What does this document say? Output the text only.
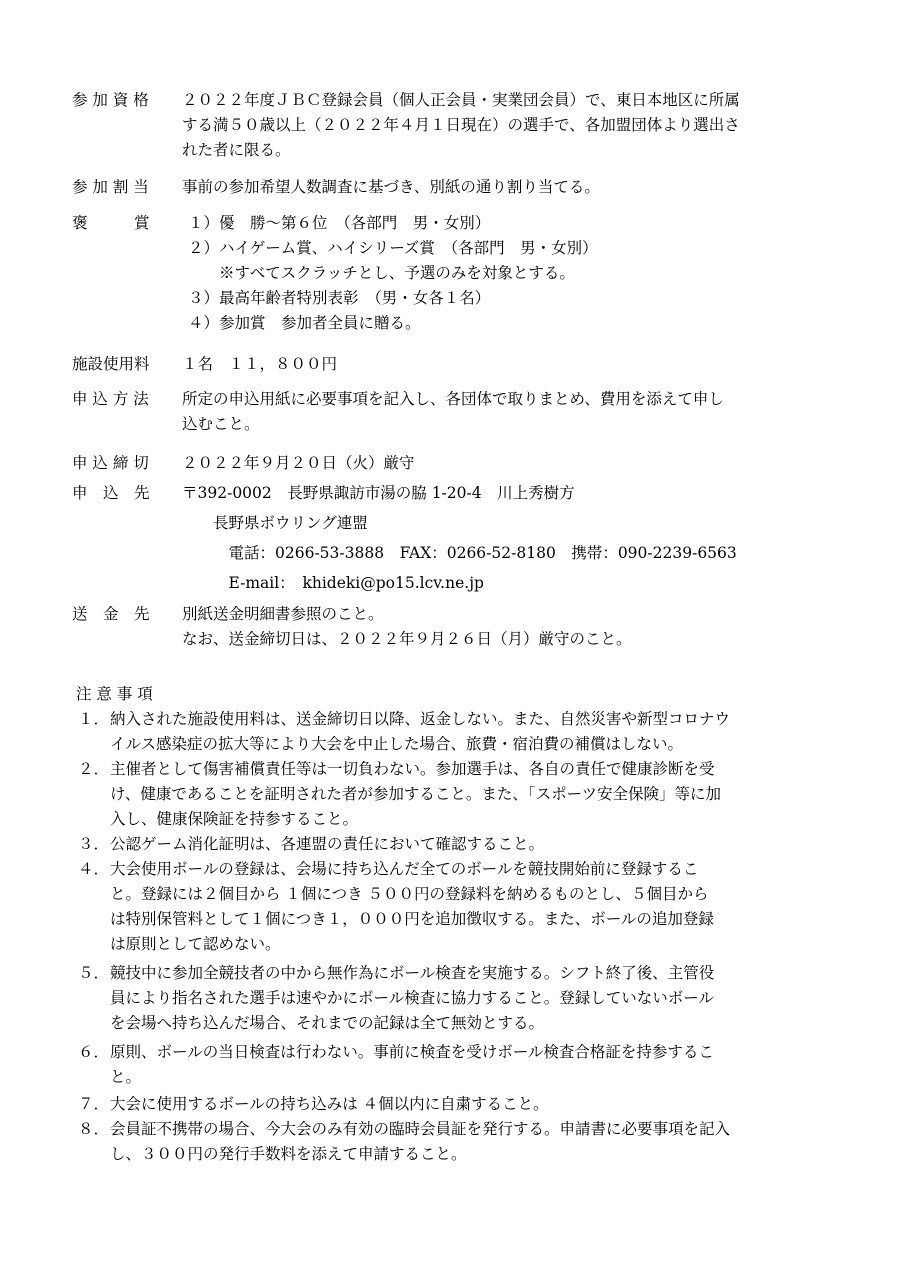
参 加 資 格	２０２２年度ＪＢＣ登録会員（個人正会員・実業団会員）で、東日本地区に所属
する満５０歳以上（２０２２年４月１日現在）の選手で、各加盟団体より選出さ
れた者に限る。
参 加 割 当	事前の参加希望人数調査に基づき、別紙の通り割り当てる。
褒　　　賞	１）優　勝～第６位　（各部門　男・女別）
２）ハイゲーム賞、ハイシリーズ賞　（各部門　男・女別）
　　※すべてスクラッチとし、予選のみを対象とする。
３）最高年齢者特別表彰　（男・女各１名）
４）参加賞　参加者全員に贈る。
施設使用料	１名　１１，８００円
申 込 方 法	所定の申込用紙に必要事項を記入し、各団体で取りまとめ、費用を添えて申し
込むこと。
申 込 締 切	２０２２年９月２０日（火）厳守
申　込　先	〒392-0002　長野県諏訪市湯の脇 1-20-4　川上秀樹方
　　長野県ボウリング連盟
　　　電話：0266-53-3888　FAX：0266-52-8180　携帯：090-2239-6563
　　　E-mail：　khideki@po15.lcv.ne.jp
送　金　先	別紙送金明細書参照のこと。
なお、送金締切日は、２０２２年９月２６日（月）厳守のこと。
注 意 事 項
１． 納入された施設使用料は、送金締切日以降、返金しない。また、自然災害や新型コロナウ
イルス感染症の拡大等により大会を中止した場合、旅費・宿泊費の補償はしない。
２． 主催者として傷害補償責任等は一切負わない。参加選手は、各自の責任で健康診断を受
け、健康であることを証明された者が参加すること。また、「スポーツ安全保険」等に加
入し、健康保険証を持参すること。
３． 公認ゲーム消化証明は、各連盟の責任において確認すること。
４． 大会使用ボールの登録は、会場に持ち込んだ全てのボールを競技開始前に登録するこ
と。登録には２個目から １個につき ５００円の登録料を納めるものとし、５個目から
は特別保管料として１個につき１，０００円を追加徴収する。また、ボールの追加登録
は原則として認めない。
５． 競技中に参加全競技者の中から無作為にボール検査を実施する。シフト終了後、主管役
員により指名された選手は速やかにボール検査に協力すること。登録していないボール
を会場へ持ち込んだ場合、それまでの記録は全て無効とする。
６． 原則、ボールの当日検査は行わない。事前に検査を受けボール検査合格証を持参するこ
と。
７． 大会に使用するボールの持ち込みは ４個以内に自粛すること。
８． 会員証不携帯の場合、今大会のみ有効の臨時会員証を発行する。申請書に必要事項を記入
し、３００円の発行手数料を添えて申請すること。
